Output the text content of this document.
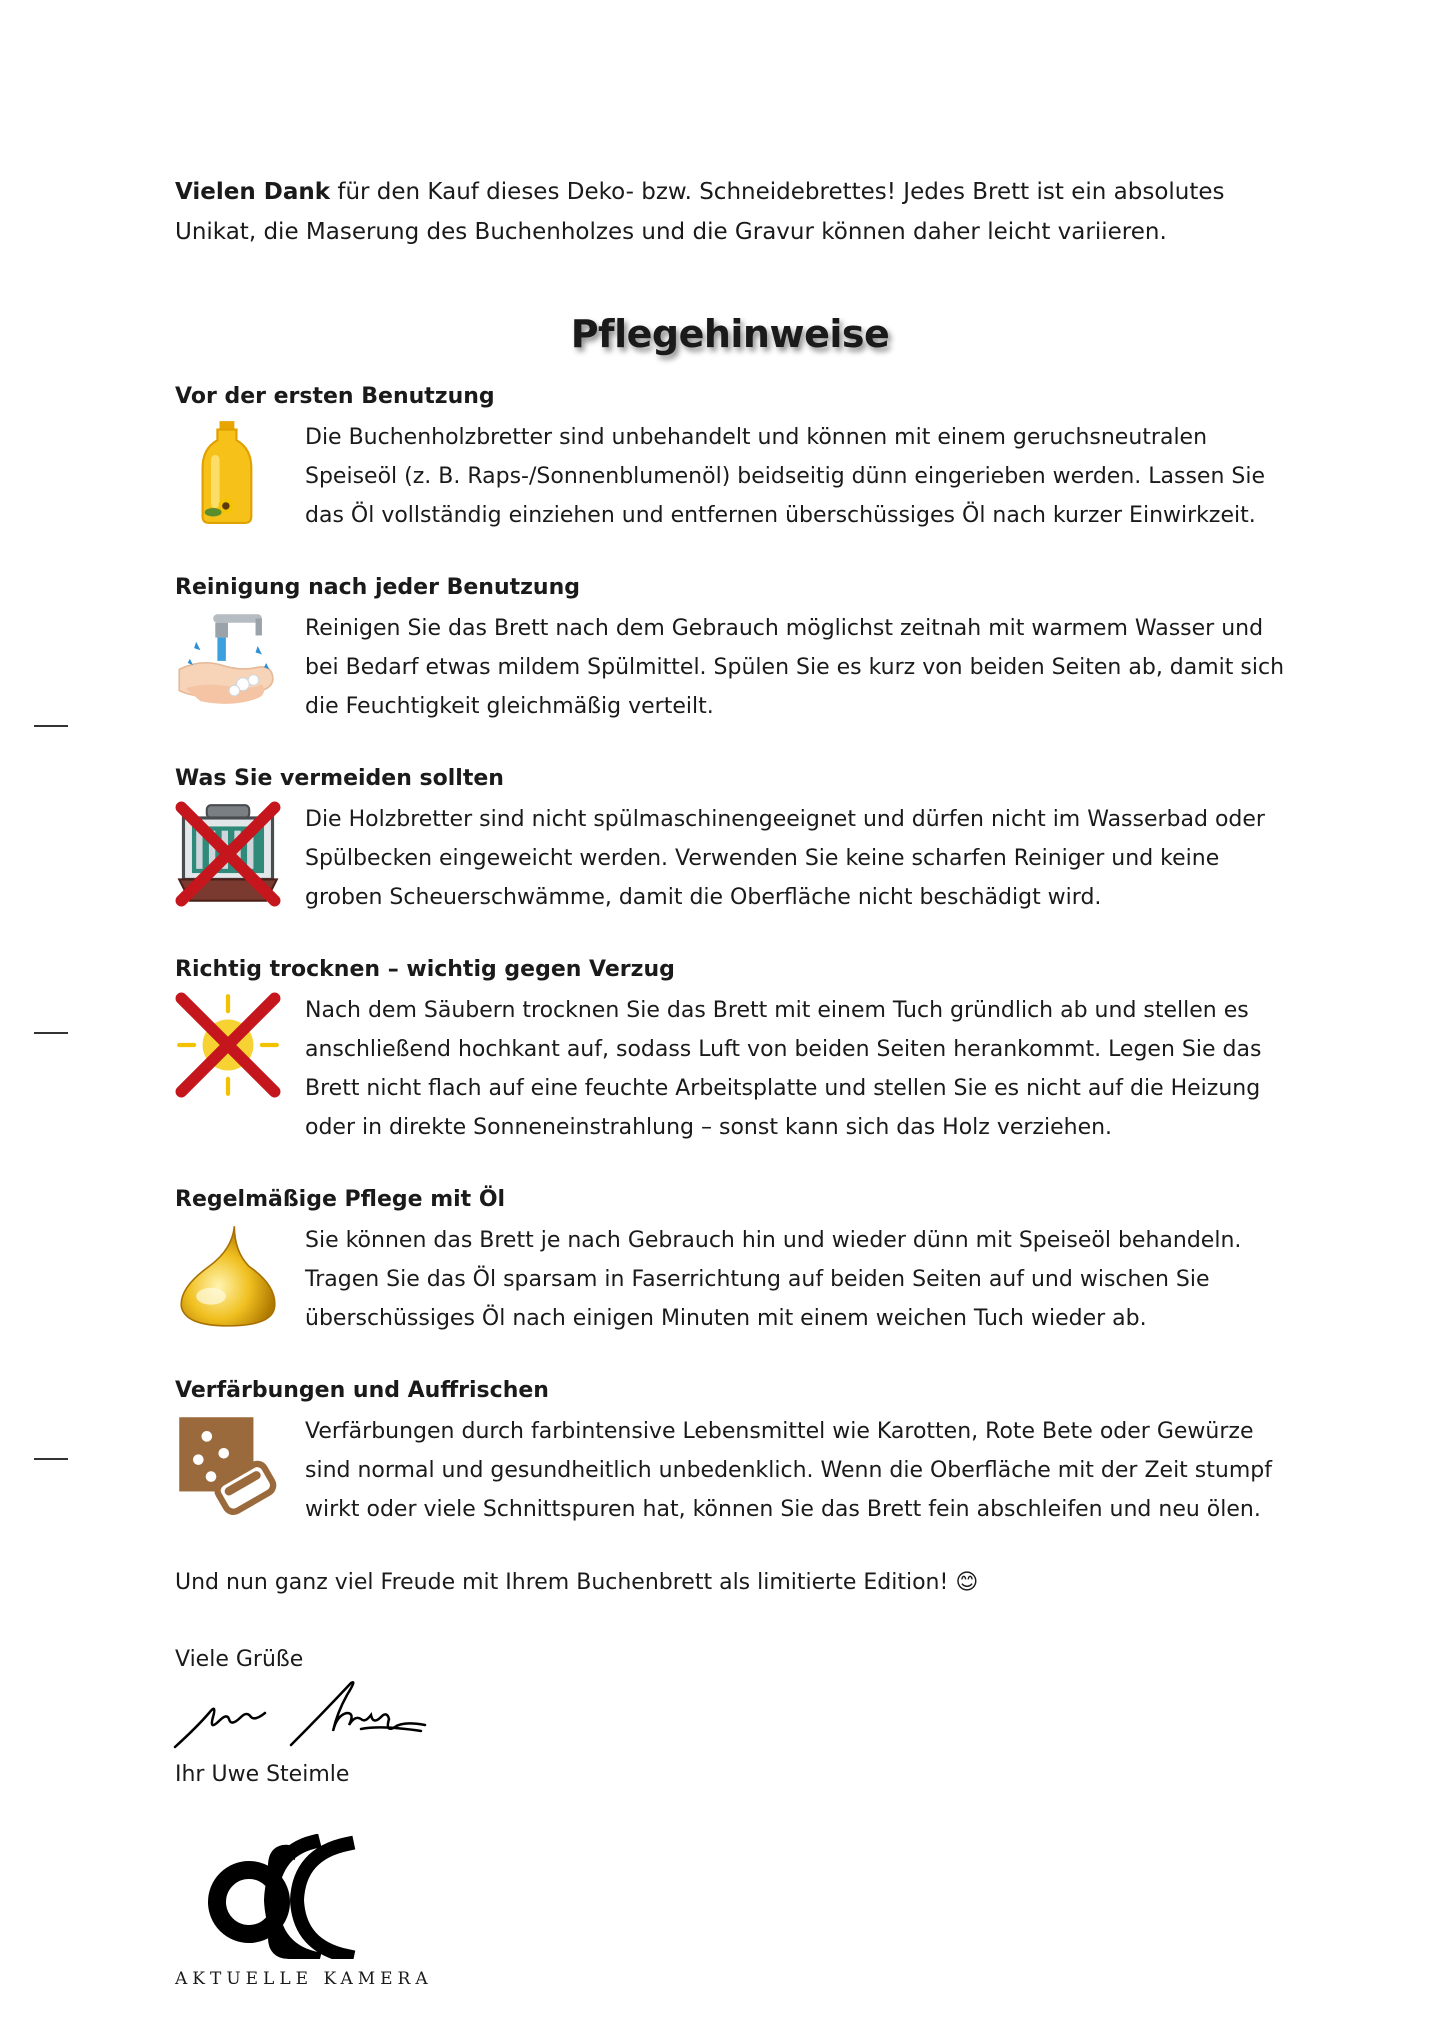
Vielen Dank für den Kauf dieses Deko- bzw. Schneidebrettes! Jedes Brett ist ein absolutes Unikat, die Maserung des Buchenholzes und die Gravur können daher leicht variieren.

Pflegehinweise
Vor der ersten Benutzung

Die Buchenholzbretter sind unbehandelt und können mit einem geruchsneutralen Speiseöl (z. B. Raps-/Sonnenblumenöl) beidseitig dünn eingerieben werden. Lassen Sie das Öl vollständig einziehen und entfernen überschüssiges Öl nach kurzer Einwirkzeit.

Reinigung nach jeder Benutzung

Reinigen Sie das Brett nach dem Gebrauch möglichst zeitnah mit warmem Wasser und bei Bedarf etwas mildem Spülmittel. Spülen Sie es kurz von beiden Seiten ab, damit sich die Feuchtigkeit gleichmäßig verteilt.

Was Sie vermeiden sollten

Die Holzbretter sind nicht spülmaschinengeeignet und dürfen nicht im Wasserbad oder Spülbecken eingeweicht werden. Verwenden Sie keine scharfen Reiniger und keine groben Scheuerschwämme, damit die Oberfläche nicht beschädigt wird.

Richtig trocknen – wichtig gegen Verzug

Nach dem Säubern trocknen Sie das Brett mit einem Tuch gründlich ab und stellen es anschließend hochkant auf, sodass Luft von beiden Seiten herankommt. Legen Sie das Brett nicht flach auf eine feuchte Arbeitsplatte und stellen Sie es nicht auf die Heizung oder in direkte Sonneneinstrahlung – sonst kann sich das Holz verziehen.

Regelmäßige Pflege mit Öl

Sie können das Brett je nach Gebrauch hin und wieder dünn mit Speiseöl behandeln. Tragen Sie das Öl sparsam in Faserrichtung auf beiden Seiten auf und wischen Sie überschüssiges Öl nach einigen Minuten mit einem weichen Tuch wieder ab.

Verfärbungen und Auffrischen

Verfärbungen durch farbintensive Lebensmittel wie Karotten, Rote Bete oder Gewürze sind normal und gesundheitlich unbedenklich. Wenn die Oberfläche mit der Zeit stumpf wirkt oder viele Schnittspuren hat, können Sie das Brett fein abschleifen und neu ölen.

Und nun ganz viel Freude mit Ihrem Buchenbrett als limitierte Edition! 😊

Viele Grüße

Ihr Uwe Steimle

AKTUELLE KAMERA
